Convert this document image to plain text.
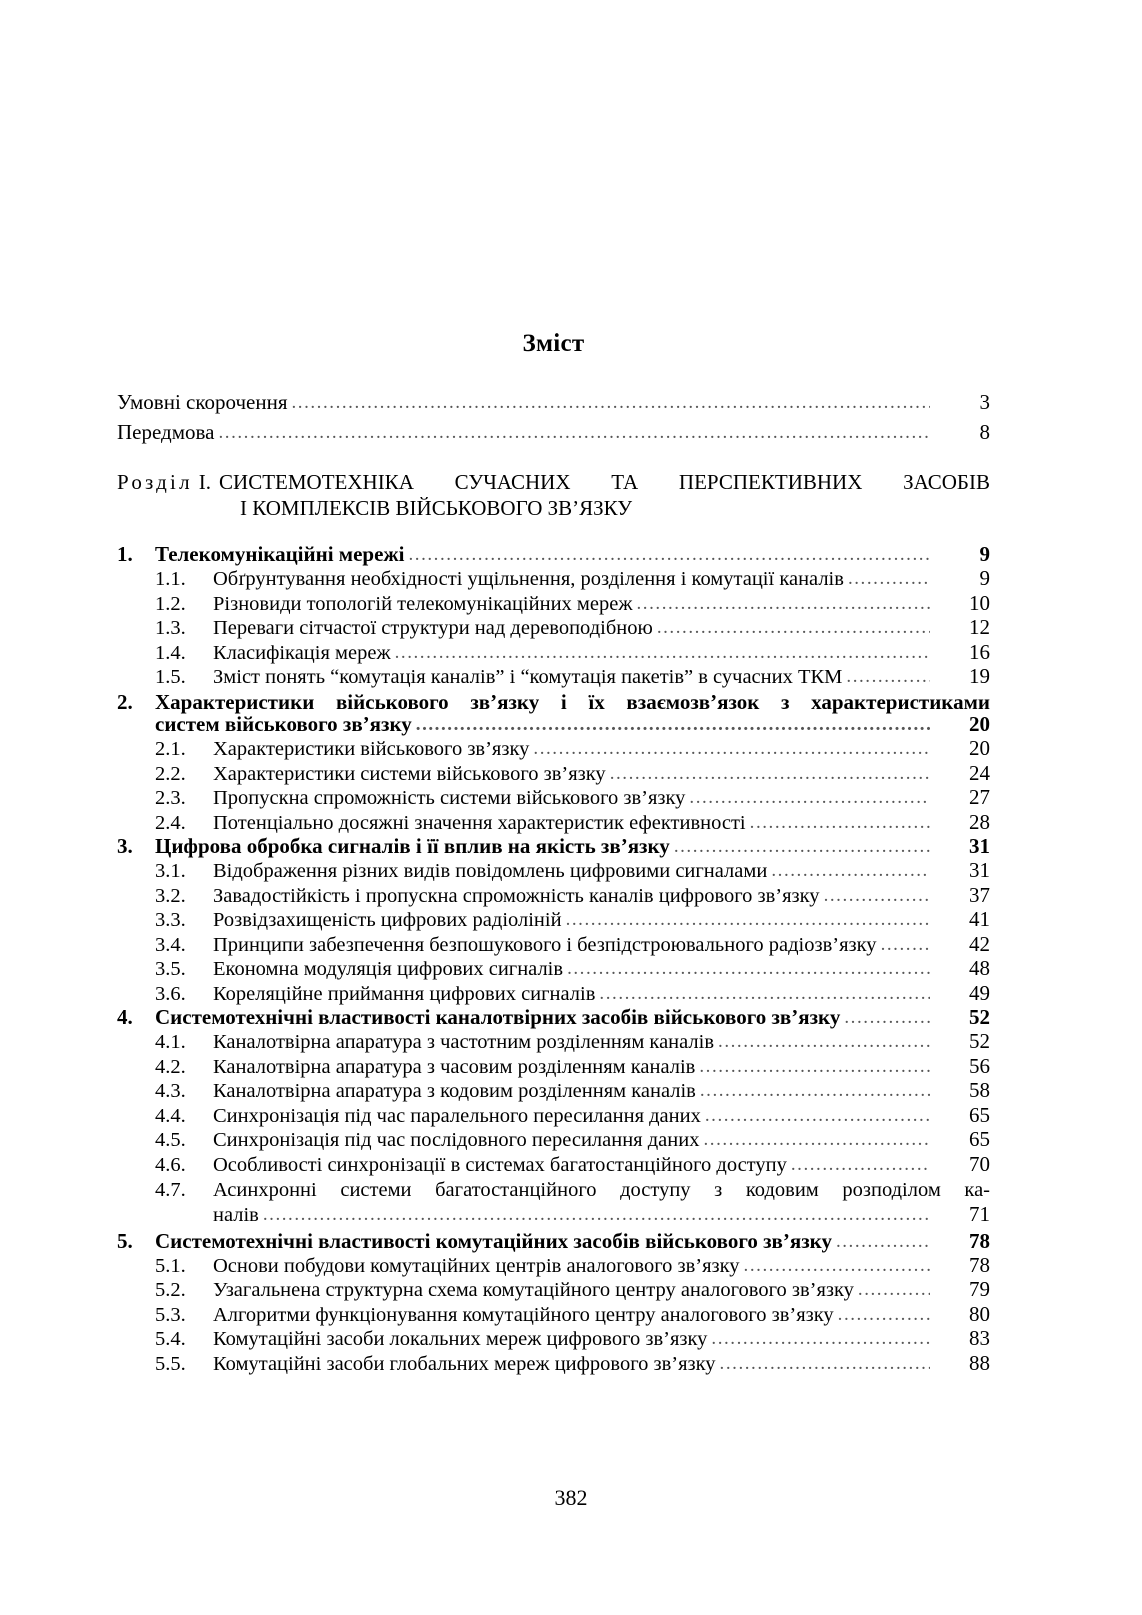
Зміст
Умовні скорочення . . .	3
Передмова . . .	8
Розділ I. СИСТЕМОТЕХНІКА СУЧАСНИХ ТА ПЕРСПЕКТИВНИХ ЗАСОБІВ
І КОМПЛЕКСІВ ВІЙСЬКОВОГО ЗВ’ЯЗКУ
1.	Телекомунікаційні мережі . . .	9
1.1.	Обґрунтування необхідності ущільнення, розділення і комутації каналів . . .	9
1.2.	Різновиди топологій телекомунікаційних мереж . . .	10
1.3.	Переваги сітчастої структури над деревоподібною . . .	12
1.4.	Класифікація мереж . . .	16
1.5.	Зміст понять “комутація каналів” і “комутація пакетів” в сучасних ТКМ . . .	19
2.	Характеристики військового зв’язку і їх взаємозв’язок з характеристиками
систем військового зв’язку . . .	20
2.1.	Характеристики військового зв’язку . . .	20
2.2.	Характеристики системи військового зв’язку . . .	24
2.3.	Пропускна спроможність системи військового зв’язку . . .	27
2.4.	Потенціально досяжні значення характеристик ефективності . . .	28
3.	Цифрова обробка сигналів і її вплив на якість зв’язку . . .	31
3.1.	Відображення різних видів повідомлень цифровими сигналами . . .	31
3.2.	Завадостійкість і пропускна спроможність каналів цифрового зв’язку . . .	37
3.3.	Розвідзахищеність цифрових радіоліній . . .	41
3.4.	Принципи забезпечення безпошукового і безпідстроювального радіозв’язку . . .	42
3.5.	Економна модуляція цифрових сигналів . . .	48
3.6.	Кореляційне приймання цифрових сигналів . . .	49
4.	Системотехнічні властивості каналотвірних засобів військового зв’язку . . .	52
4.1.	Каналотвірна апаратура з частотним розділенням каналів . . .	52
4.2.	Каналотвірна апаратура з часовим розділенням каналів . . .	56
4.3.	Каналотвірна апаратура з кодовим розділенням каналів . . .	58
4.4.	Синхронізація під час паралельного пересилання даних . . .	65
4.5.	Синхронізація під час послідовного пересилання даних . . .	65
4.6.	Особливості синхронізації в системах багатостанційного доступу . . .	70
4.7.	Асинхронні системи багатостанційного доступу з кодовим розподілом ка-
налів . . .	71
5.	Системотехнічні властивості комутаційних засобів військового зв’язку . . .	78
5.1.	Основи побудови комутаційних центрів аналогового зв’язку . . .	78
5.2.	Узагальнена структурна схема комутаційного центру аналогового зв’язку . . .	79
5.3.	Алгоритми функціонування комутаційного центру аналогового зв’язку . . .	80
5.4.	Комутаційні засоби локальних мереж цифрового зв’язку . . .	83
5.5.	Комутаційні засоби глобальних мереж цифрового зв’язку . . .	88
382
